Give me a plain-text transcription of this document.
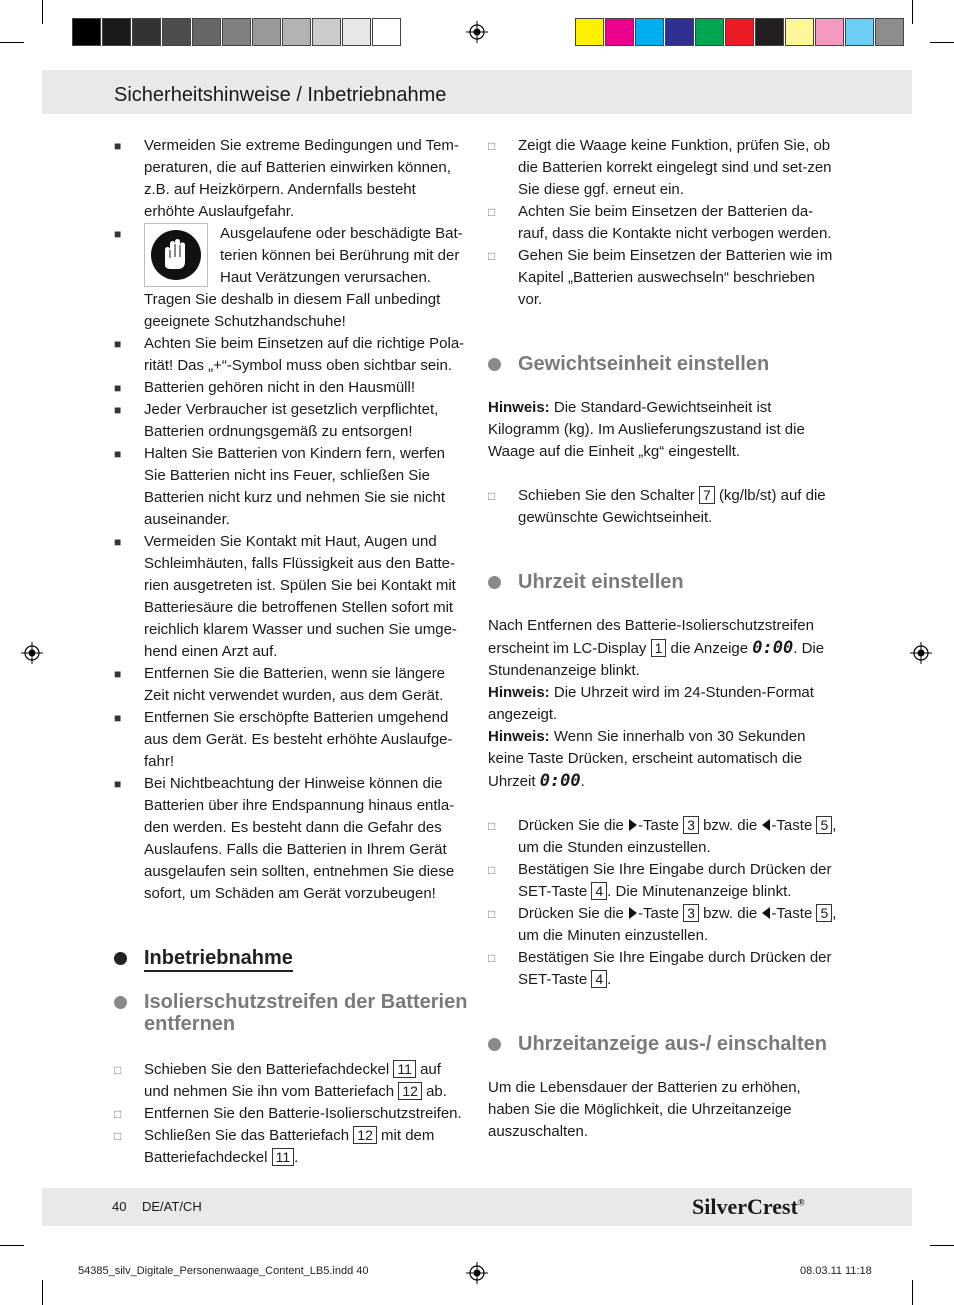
Sicherheitshinweise / Inbetriebnahme
■	Vermeiden Sie extreme Bedingungen und Tem-peraturen, die auf Batterien einwirken können, z.B. auf Heizkörpern. Andernfalls besteht erhöhte Auslaufgefahr.
■	Ausgelaufene oder beschädigte Bat-terien können bei Berührung mit der Haut Verätzungen verursachen.
Tragen Sie deshalb in diesem Fall unbedingt geeignete Schutzhandschuhe!
■	Achten Sie beim Einsetzen auf die richtige Pola-rität! Das „+“-Symbol muss oben sichtbar sein.
■	Batterien gehören nicht in den Hausmüll!
■	Jeder Verbraucher ist gesetzlich verpflichtet, Batterien ordnungsgemäß zu entsorgen!
■	Halten Sie Batterien von Kindern fern, werfen Sie Batterien nicht ins Feuer, schließen Sie Batterien nicht kurz und nehmen Sie sie nicht auseinander.
■	Vermeiden Sie Kontakt mit Haut, Augen und Schleimhäuten, falls Flüssigkeit aus den Batte-rien ausgetreten ist. Spülen Sie bei Kontakt mit Batteriesäure die betroffenen Stellen sofort mit reichlich klarem Wasser und suchen Sie umge-hend einen Arzt auf.
■	Entfernen Sie die Batterien, wenn sie längere Zeit nicht verwendet wurden, aus dem Gerät.
■	Entfernen Sie erschöpfte Batterien umgehend aus dem Gerät. Es besteht erhöhte Auslaufge-fahr!
■	Bei Nichtbeachtung der Hinweise können die Batterien über ihre Endspannung hinaus entla-den werden. Es besteht dann die Gefahr des Auslaufens. Falls die Batterien in Ihrem Gerät ausgelaufen sein sollten, entnehmen Sie diese sofort, um Schäden am Gerät vorzubeugen!
Inbetriebnahme
Isolierschutzstreifen der Batterien entfernen
□	Schieben Sie den Batteriefachdeckel 11 auf und nehmen Sie ihn vom Batteriefach 12 ab.
□	Entfernen Sie den Batterie-Isolierschutzstreifen.
□	Schließen Sie das Batteriefach 12 mit dem Batteriefachdeckel 11 .
□	Zeigt die Waage keine Funktion, prüfen Sie, ob die Batterien korrekt eingelegt sind und set-zen Sie diese ggf. erneut ein.
□	Achten Sie beim Einsetzen der Batterien da-rauf, dass die Kontakte nicht verbogen werden.
□	Gehen Sie beim Einsetzen der Batterien wie im Kapitel „Batterien auswechseln“ beschrieben vor.
Gewichtseinheit einstellen

Hinweis: Die Standard-Gewichtseinheit ist Kilogramm (kg). Im Auslieferungszustand ist die Waage auf die Einheit „kg“ eingestellt.

□	Schieben Sie den Schalter 7 (kg/lb/st) auf die gewünschte Gewichtseinheit.
Uhrzeit einstellen

Nach Entfernen des Batterie-Isolierschutzstreifen erscheint im LC-Display 1 die Anzeige 0:00. Die Stundenanzeige blinkt.

Hinweis: Die Uhrzeit wird im 24-Stunden-Format angezeigt.

Hinweis: Wenn Sie innerhalb von 30 Sekunden keine Taste Drücken, erscheint automatisch die Uhrzeit 0:00.

□	Drücken Sie die -Taste 3 bzw. die -Taste 5 , um die Stunden einzustellen.
□	Bestätigen Sie Ihre Eingabe durch Drücken der SET-Taste 4 . Die Minutenanzeige blinkt.
□	Drücken Sie die -Taste 3 bzw. die -Taste 5 , um die Minuten einzustellen.
□	Bestätigen Sie Ihre Eingabe durch Drücken der SET-Taste 4 .
Uhrzeitanzeige aus-/ einschalten

Um die Lebensdauer der Batterien zu erhöhen, haben Sie die Möglichkeit, die Uhrzeitanzeige auszuschalten.

40 DE/AT/CH	SilverCrest®
54385_silv_Digitale_Personenwaage_Content_LB5.indd 40	08.03.11 11:18
